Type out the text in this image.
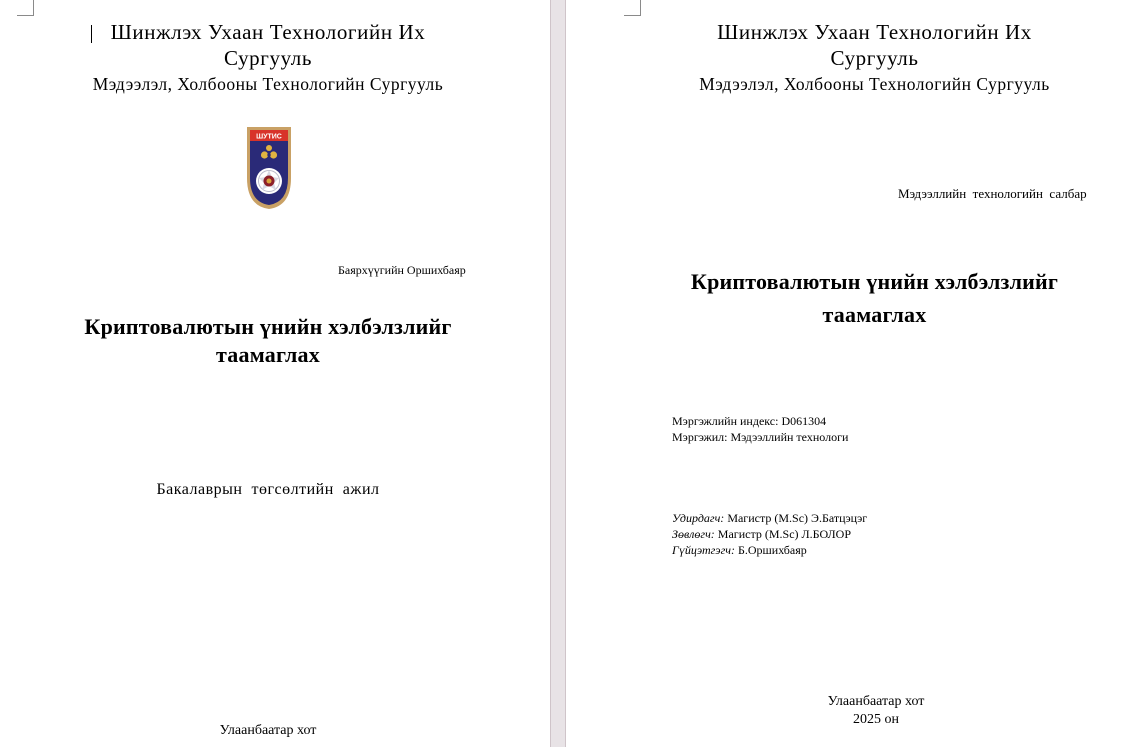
Шинжлэх Ухаан Технологийн Их
Сургууль
Мэдээлэл, Холбооны Технологийн Сургууль
ШУТИС
Баярхүүгийн Оршихбаяр
Криптовалютын үнийн хэлбэлзлийг
таамаглах
Бакалаврын  төгсөлтийн  ажил
Улаанбаатар хот
Шинжлэх Ухаан Технологийн Их
Сургууль
Мэдээлэл, Холбооны Технологийн Сургууль
Мэдээллийн  технологийн  салбар
Криптовалютын үнийн хэлбэлзлийг
таамаглах
Мэргэжлийн индекс: D061304
Мэргэжил: Мэдээллийн технологи
Удирдагч: Магистр (M.Sc) Э.Батцэцэг
Зөвлөгч: Магистр (M.Sc) Л.БОЛОР
Гүйцэтгэгч: Б.Оршихбаяр
Улаанбаатар хот
2025 он
